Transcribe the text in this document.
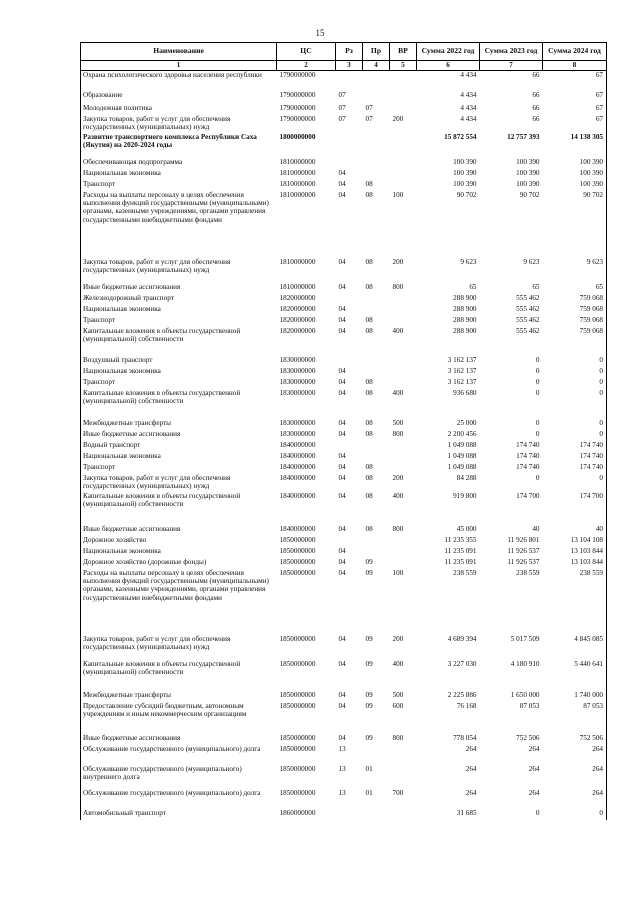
15
Наименование	ЦС	Рз	Пр	ВР	Сумма 2022 год	Сумма 2023 год	Сумма 2024 год
1	2	3	4	5	6	7	8
Охрана психологического здоровья населения республики	1790000000				4 434	66	67
Образование	1790000000	07			4 434	66	67
Молодежная политика	1790000000	07	07		4 434	66	67
Закупка товаров, работ и услуг для обеспечения государственных (муниципальных) нужд	1790000000	07	07	200	4 434	66	67
Развитие транспортного комплекса Республики Саха (Якутия) на 2020-2024 годы	1800000000				15 872 554	12 757 393	14 138 305
Обеспечивающая подпрограмма	1810000000				100 390	100 390	100 390
Национальная экономика	1810000000	04			100 390	100 390	100 390
Транспорт	1810000000	04	08		100 390	100 390	100 390
Расходы на выплаты персоналу в целях обеспечения выполнения функций государственными (муниципальными) органами, казенными учреждениями, органами управления государственными внебюджетными фондами	1810000000	04	08	100	90 702	90 702	90 702
Закупка товаров, работ и услуг для обеспечения государственных (муниципальных) нужд	1810000000	04	08	200	9 623	9 623	9 623
Иные бюджетные ассигнования	1810000000	04	08	800	65	65	65
Железнодорожный транспорт	1820000000				288 900	555 462	759 068
Национальная экономика	1820000000	04			288 900	555 462	759 068
Транспорт	1820000000	04	08		288 900	555 462	759 068
Капитальные вложения в объекты государственной (муниципальной) собственности	1820000000	04	08	400	288 900	555 462	759 068
Воздушный транспорт	1830000000				3 162 137	0	0
Национальная экономика	1830000000	04			3 162 137	0	0
Транспорт	1830000000	04	08		3 162 137	0	0
Капитальные вложения в объекты государственной (муниципальной) собственности	1830000000	04	08	400	936 680	0	0
Межбюджетные трансферты	1830000000	04	08	500	25 000	0	0
Иные бюджетные ассигнования	1830000000	04	08	800	2 200 456	0	0
Водный транспорт	1840000000				1 049 088	174 740	174 740
Национальная экономика	1840000000	04			1 049 088	174 740	174 740
Транспорт	1840000000	04	08		1 049 088	174 740	174 740
Закупка товаров, работ и услуг для обеспечения государственных (муниципальных) нужд	1840000000	04	08	200	84 288	0	0
Капитальные вложения в объекты государственной (муниципальной) собственности	1840000000	04	08	400	919 800	174 700	174 700
Иные бюджетные ассигнования	1840000000	04	08	800	45 000	40	40
Дорожное хозяйство	1850000000				11 235 355	11 926 801	13 104 108
Национальная экономика	1850000000	04			11 235 091	11 926 537	13 103 844
Дорожное хозяйство (дорожные фонды)	1850000000	04	09		11 235 091	11 926 537	13 103 844
Расходы на выплаты персоналу в целях обеспечения выполнения функций государственными (муниципальными) органами, казенными учреждениями, органами управления государственными внебюджетными фондами	1850000000	04	09	100	238 559	238 559	238 559
Закупка товаров, работ и услуг для обеспечения государственных (муниципальных) нужд	1850000000	04	09	200	4 689 394	5 017 509	4 845 085
Капитальные вложения в объекты государственной (муниципальной) собственности	1850000000	04	09	400	3 227 030	4 180 910	5 440 641
Межбюджетные трансферты	1850000000	04	09	500	2 225 886	1 650 000	1 740 000
Предоставление субсидий бюджетным, автономным учреждениям и иным некоммерческим организациям	1850000000	04	09	600	76 168	87 053	87 053
Иные бюджетные ассигнования	1850000000	04	09	800	778 054	752 506	752 506
Обслуживание государственного (муниципального) долга	1850000000	13			264	264	264
Обслуживание государственного (муниципального) внутреннего долга	1850000000	13	01		264	264	264
Обслуживание государственного (муниципального) долга	1850000000	13	01	700	264	264	264
Автомобильный транспорт	1860000000				31 685	0	0
